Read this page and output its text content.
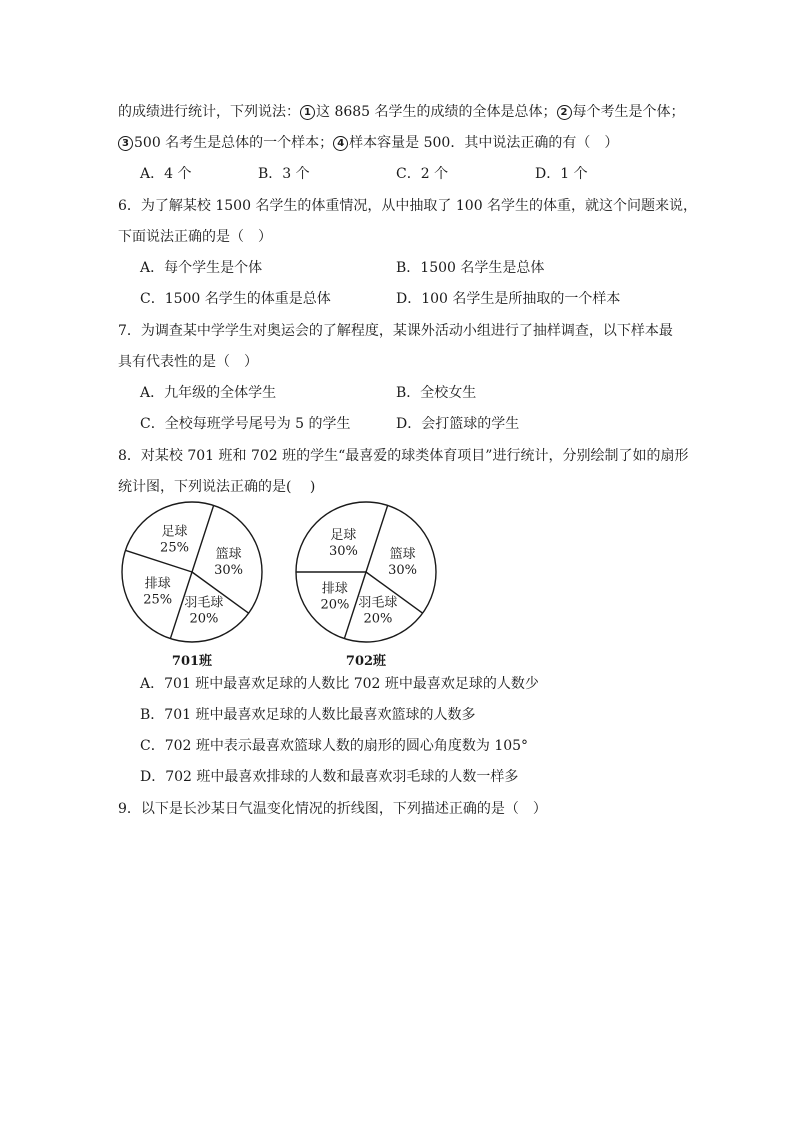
的成绩进行统计，下列说法： 1 这 8685 名学生的成绩的全体是总体； 2 每个考生是个体；
3 500 名考生是总体的一个样本； 4 样本容量是 500．其中说法正确的有（　）
A．4 个	B．3 个	C．2 个	D．1 个
6．为了解某校 1500 名学生的体重情况，从中抽取了 100 名学生的体重，就这个问题来说，
下面说法正确的是（　）
A．每个学生是个体	B．1500 名学生是总体
C．1500 名学生的体重是总体	D．100 名学生是所抽取的一个样本
7．为调查某中学学生对奥运会的了解程度，某课外活动小组进行了抽样调查，以下样本最
具有代表性的是（　）
A．九年级的全体学生	B．全校女生
C．全校每班学号尾号为 5 的学生	D．会打篮球的学生
8．对某校 701 班和 702 班的学生“最喜爱的球类体育项目”进行统计，分别绘制了如的扇形
统计图，下列说法正确的是(　 )
篮球
30%
羽毛球
20%
排球
25%
足球
25%	篮球
30%
羽毛球
20%
排球
20%
足球
30%
701班	702班
A．701 班中最喜欢足球的人数比 702 班中最喜欢足球的人数少
B．701 班中最喜欢足球的人数比最喜欢篮球的人数多
C．702 班中表示最喜欢篮球人数的扇形的圆心角度数为 105°
D．702 班中最喜欢排球的人数和最喜欢羽毛球的人数一样多
9．以下是长沙某日气温变化情况的折线图，下列描述正确的是（　）
